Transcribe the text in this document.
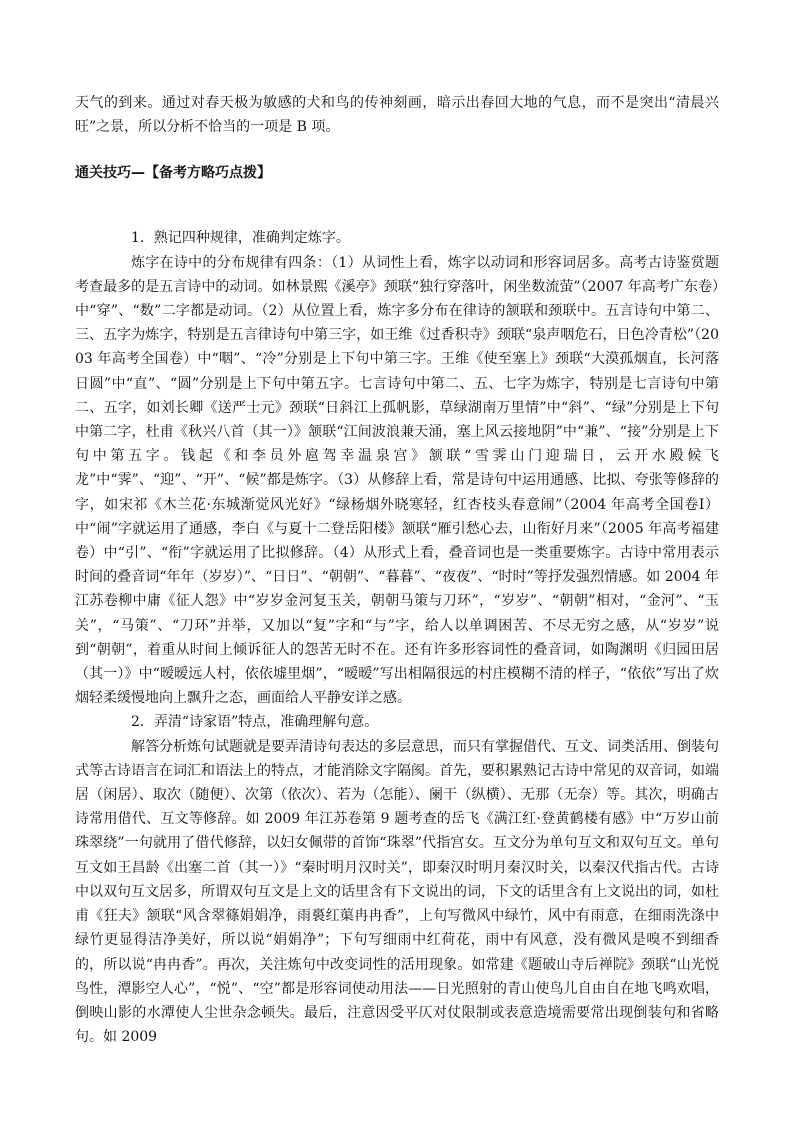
天气的到来。通过对春天极为敏感的犬和鸟的传神刻画，暗示出春回大地的气息，而不是突出“清晨兴旺”之景，所以分析不恰当的一项是 B 项。

通关技巧—【备考方略巧点拨】

1．熟记四种规律，准确判定炼字。

炼字在诗中的分布规律有四条：（1）从词性上看，炼字以动词和形容词居多。高考古诗鉴赏题考查最多的是五言诗中的动词。如林景熙《溪亭》颈联“独行穿落叶，闲坐数流萤”（2007 年高考广东卷）中“穿”、“数”二字都是动词。（2）从位置上看，炼字多分布在律诗的颔联和颈联中。五言诗句中第二、三、五字为炼字，特别是五言律诗句中第三字，如王维《过香积寺》颈联“泉声咽危石，日色冷青松”（2003 年高考全国卷）中“咽”、“冷”分别是上下句中第三字。王维《使至塞上》颈联“大漠孤烟直，长河落日圆”中“直”、“圆”分别是上下句中第五字。七言诗句中第二、五、七字为炼字，特别是七言诗句中第二、五字，如刘长卿《送严士元》颈联“日斜江上孤帆影，草绿湖南万里情”中“斜”、“绿”分别是上下句中第二字，杜甫《秋兴八首（其一）》颔联“江间波浪兼天涌，塞上风云接地阴”中“兼”、“接”分别是上下句中第五字。钱起《和李员外扈驾幸温泉宫》颔联“雪霁山门迎瑞日，云开水殿候飞龙”中“霁”、“迎”、“开”、“候”都是炼字。（3）从修辞上看，常是诗句中运用通感、比拟、夸张等修辞的字，如宋祁《木兰花·东城渐觉风光好》“绿杨烟外晓寒轻，红杏枝头春意闹”（2004 年高考全国卷Ⅰ）中“闹”字就运用了通感，李白《与夏十二登岳阳楼》颔联“雁引愁心去，山衔好月来”（2005 年高考福建卷）中“引”、“衔”字就运用了比拟修辞。（4）从形式上看，叠音词也是一类重要炼字。古诗中常用表示时间的叠音词“年年（岁岁）”、“日日”、“朝朝”、“暮暮”、“夜夜”、“时时”等抒发强烈情感。如 2004 年江苏卷柳中庸《征人怨》中“岁岁金河复玉关，朝朝马策与刀环”，“岁岁”、“朝朝”相对，“金河”、“玉关”，“马策”、“刀环”并举，又加以“复”字和“与”字，给人以单调困苦、不尽无穷之感，从“岁岁”说到“朝朝”，着重从时间上倾诉征人的怨苦无时不在。还有许多形容词性的叠音词，如陶渊明《归园田居（其一）》中“暧暧远人村，依依墟里烟”，“暧暧”写出相隔很远的村庄模糊不清的样子，“依依”写出了炊烟轻柔缓慢地向上飘升之态，画面给人平静安详之感。

2．弄清“诗家语”特点，准确理解句意。

解答分析炼句试题就是要弄清诗句表达的多层意思，而只有掌握借代、互文、词类活用、倒装句式等古诗语言在词汇和语法上的特点，才能消除文字隔阂。首先，要积累熟记古诗中常见的双音词，如端居（闲居）、取次（随便）、次第（依次）、若为（怎能）、阑干（纵横）、无那（无奈）等。其次，明确古诗常用借代、互文等修辞。如 2009 年江苏卷第 9 题考查的岳飞《满江红·登黄鹤楼有感》中“万岁山前珠翠绕”一句就用了借代修辞，以妇女佩带的首饰“珠翠”代指宫女。互文分为单句互文和双句互文。单句互文如王昌龄《出塞二首（其一）》“秦时明月汉时关”，即秦汉时明月秦汉时关，以秦汉代指古代。古诗中以双句互文居多，所谓双句互文是上文的话里含有下文说出的词，下文的话里含有上文说出的词，如杜甫《狂夫》颔联“风含翠篠娟娟净，雨裛红蕖冉冉香”，上句写微风中绿竹，风中有雨意，在细雨洗涤中绿竹更显得洁净美好，所以说“娟娟净”；下句写细雨中红荷花，雨中有风意，没有微风是嗅不到细香的，所以说“冉冉香”。再次，关注炼句中改变词性的活用现象。如常建《题破山寺后禅院》颈联“山光悦鸟性，潭影空人心”，“悦”、“空”都是形容词使动用法——日光照射的青山使鸟儿自由自在地飞鸣欢唱，倒映山影的水潭使人尘世杂念顿失。最后，注意因受平仄对仗限制或表意造境需要常出现倒装句和省略句。如 2009
